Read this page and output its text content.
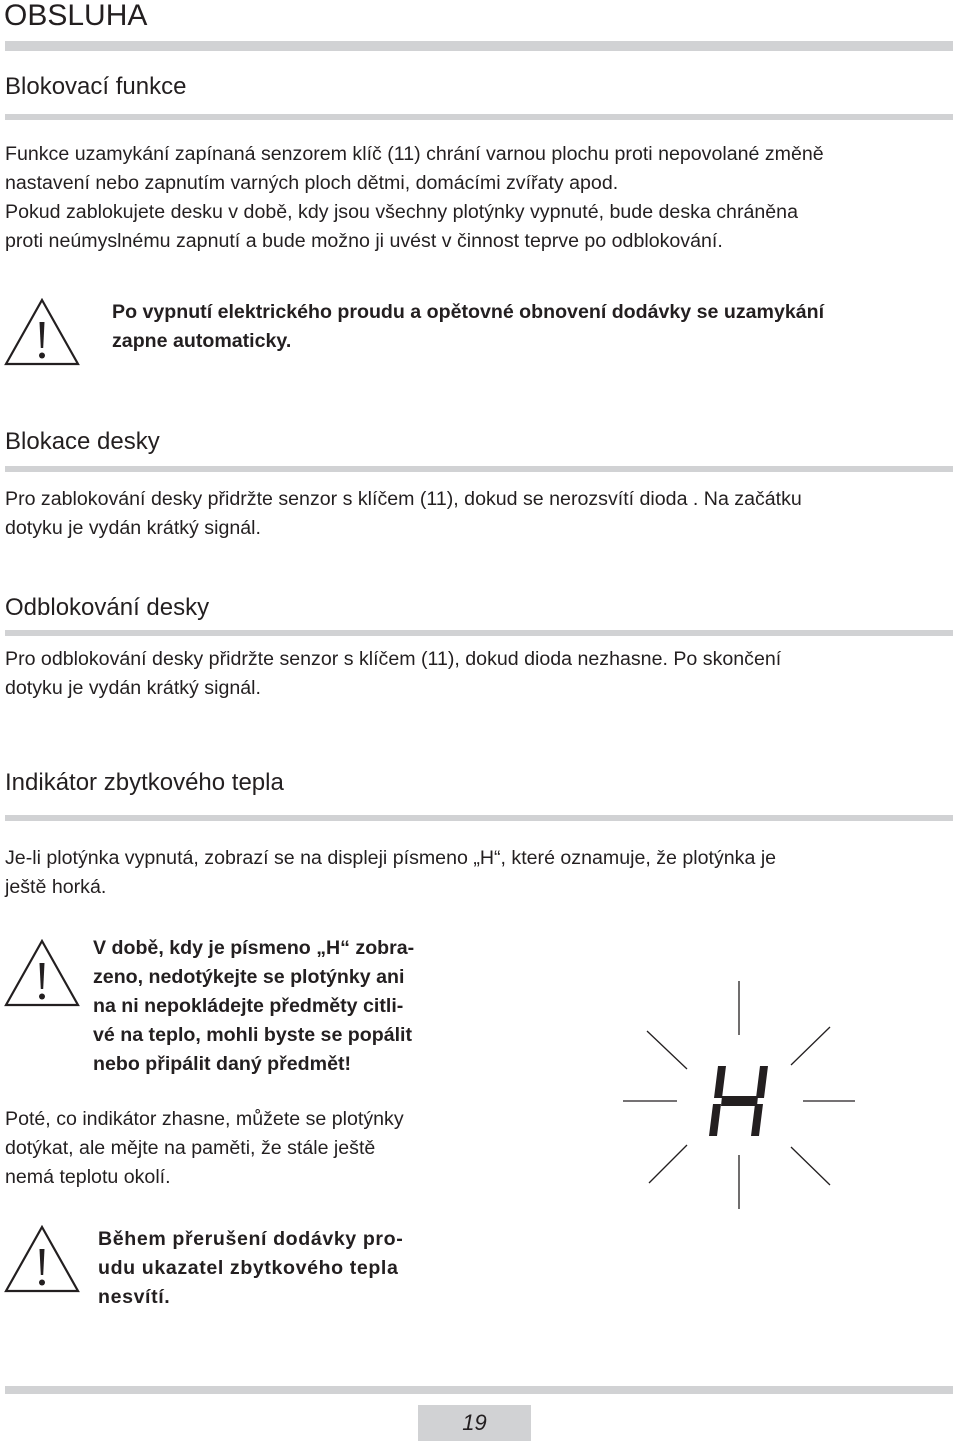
OBSLUHA
Blokovací funkce
Funkce uzamykání zapínaná senzorem klíč (11) chrání varnou plochu proti nepovolané změně
nastavení nebo zapnutím varných ploch dětmi, domácími zvířaty apod.
Pokud zablokujete desku v době, kdy jsou všechny plotýnky vypnuté, bude deska chráněna
proti neúmyslnému zapnutí a bude možno ji uvést v činnost teprve po odblokování.
Po vypnutí elektrického proudu a opětovné obnovení dodávky se uzamykání
zapne automaticky.
Blokace desky
Pro zablokování desky přidržte senzor s klíčem (11), dokud se nerozsvítí dioda . Na začátku
dotyku je vydán krátký signál.
Odblokování desky
Pro odblokování desky přidržte senzor s klíčem (11), dokud dioda nezhasne. Po skončení
dotyku je vydán krátký signál.
Indikátor zbytkového tepla
Je-li plotýnka vypnutá, zobrazí se na displeji písmeno „H“, které oznamuje, že plotýnka je
ještě horká.
V době, kdy je písmeno „H“ zobra-
zeno, nedotýkejte se plotýnky ani
na ni nepokládejte předměty citli-
vé na teplo, mohli byste se popálit
nebo připálit daný předmět!
Poté, co indikátor zhasne, můžete se plotýnky
dotýkat, ale mějte na paměti, že stále ještě
nemá teplotu okolí.
Během přerušení dodávky pro-
udu ukazatel zbytkového tepla
nesvítí.
19
